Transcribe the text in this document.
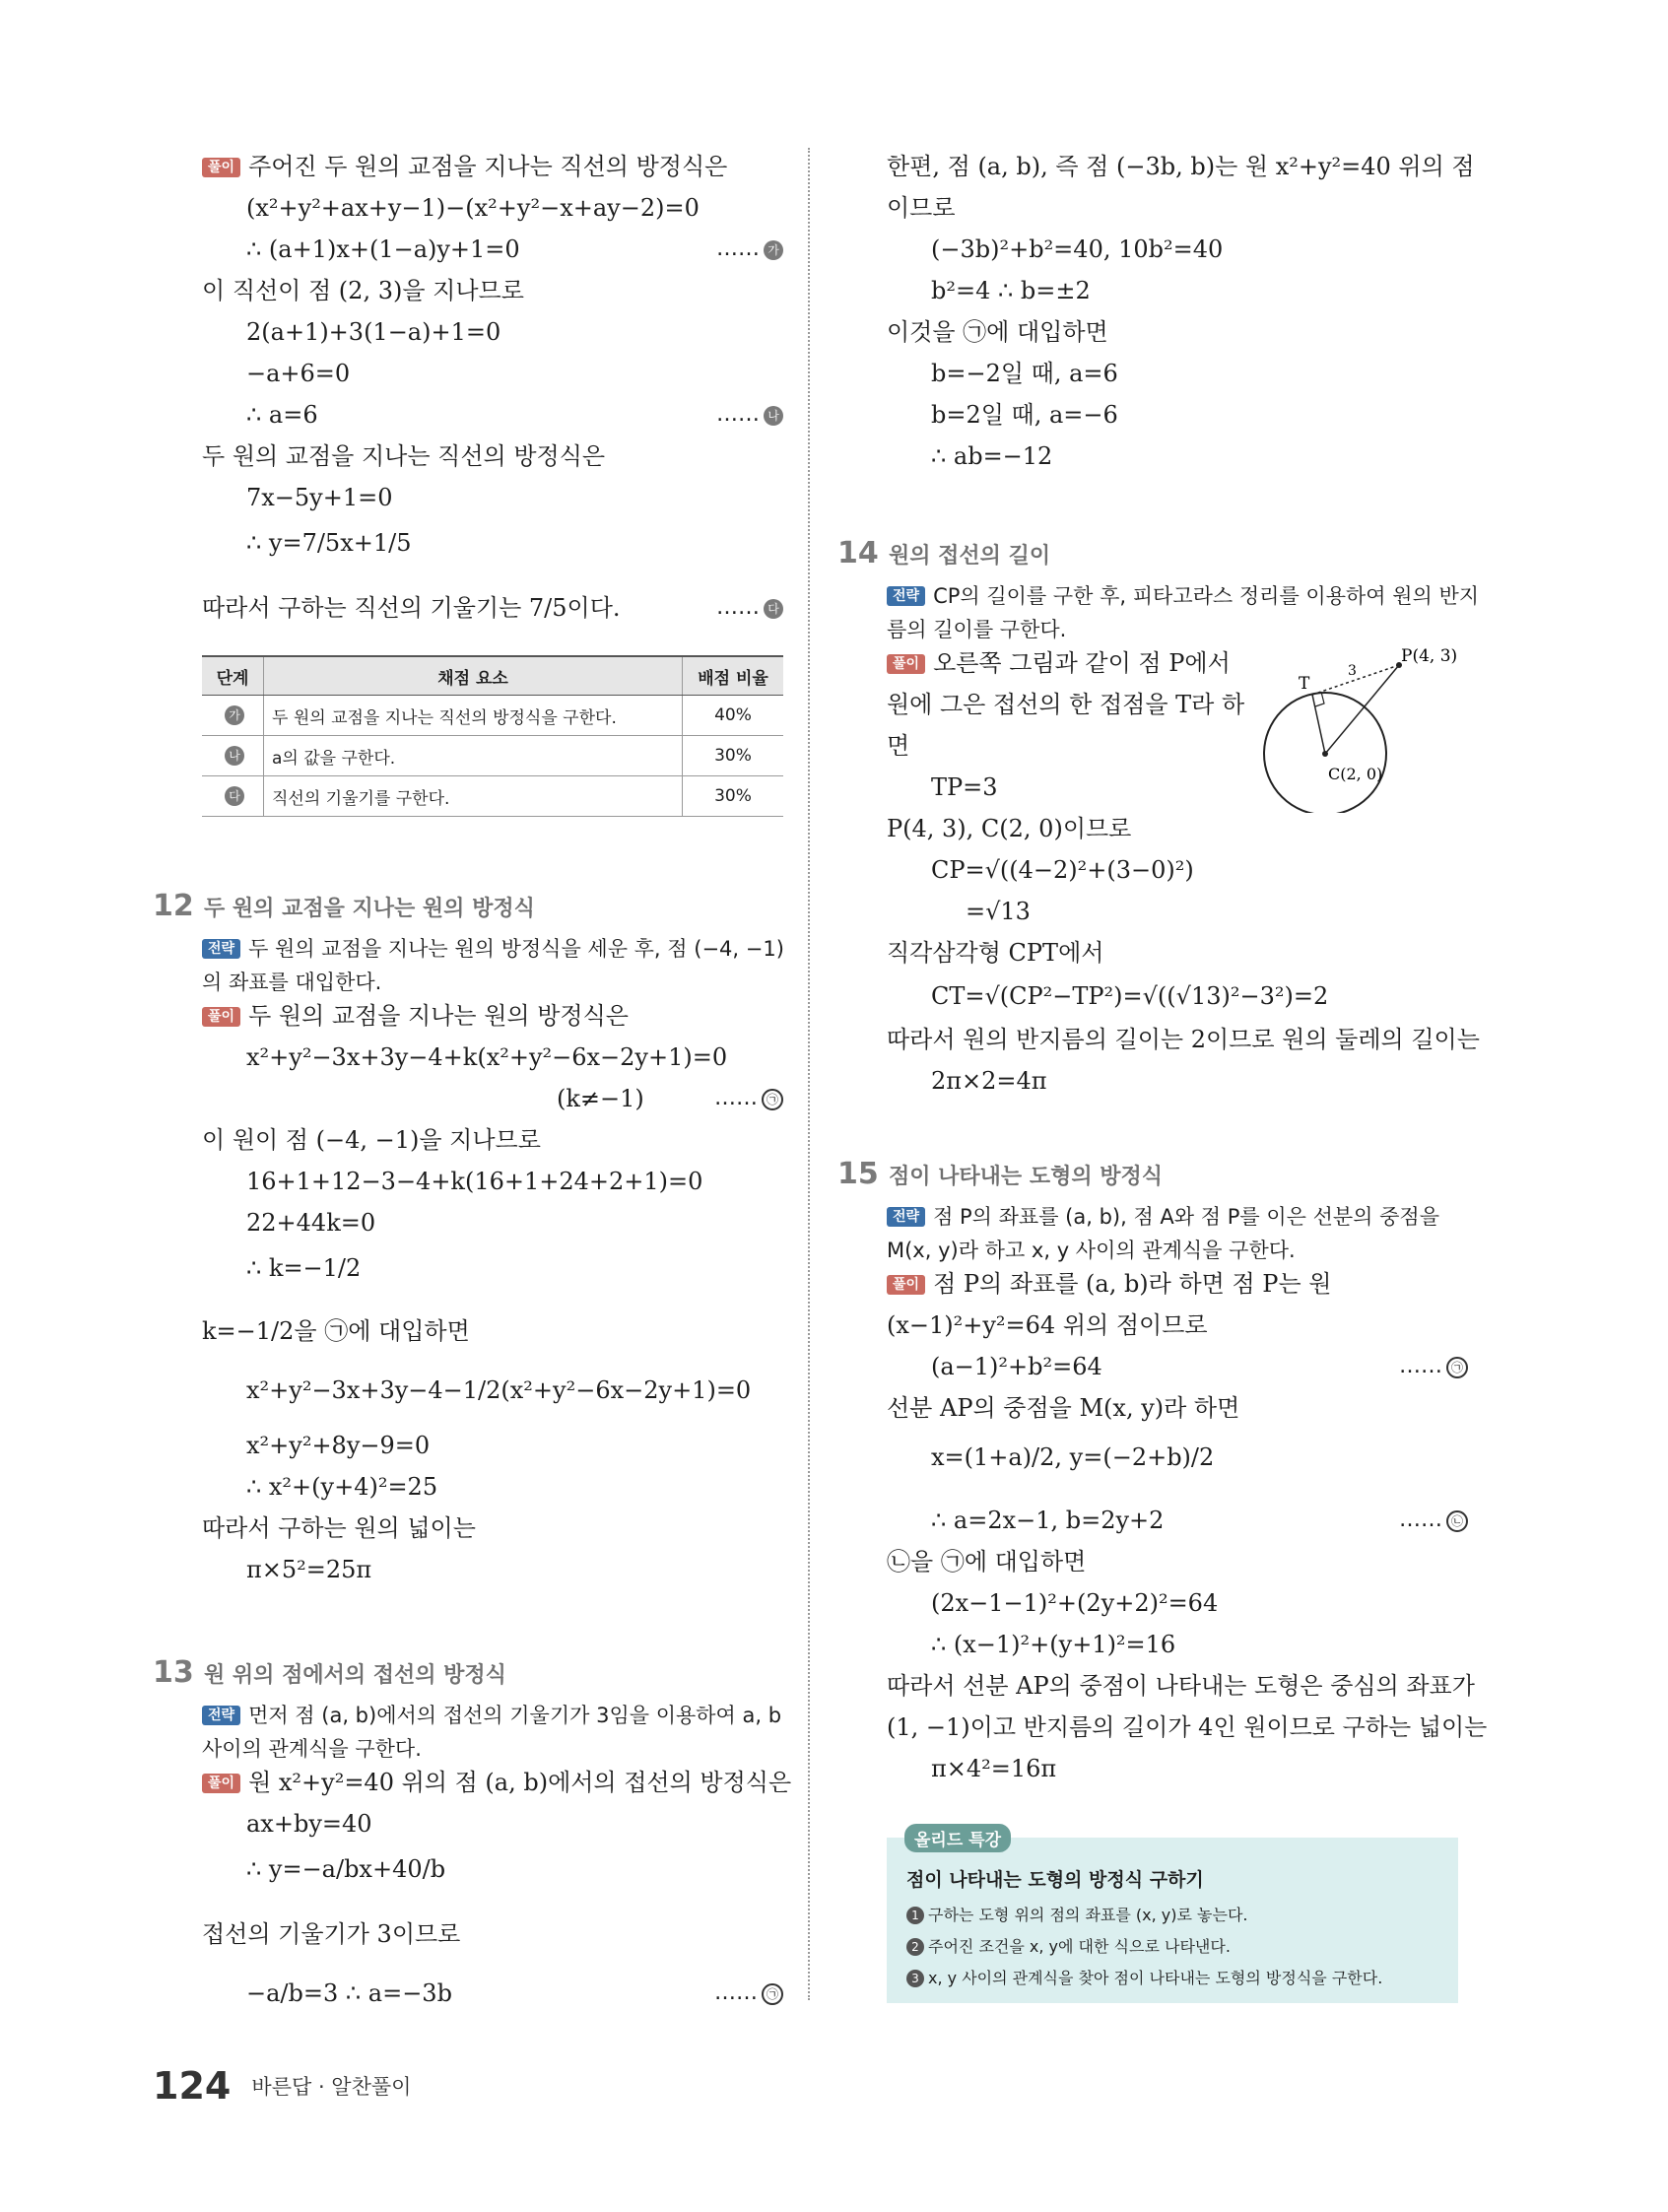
풀이 주어진 두 원의 교점을 지나는 직선의 방정식은
(x²+y²+ax+y−1)−(x²+y²−x+ay−2)=0
∴ (a+1)x+(1−a)y+1=0	…… 가
이 직선이 점 (2, 3)을 지나므로
2(a+1)+3(1−a)+1=0
−a+6=0
∴ a=6	…… 나
두 원의 교점을 지나는 직선의 방정식은
7x−5y+1=0
∴ y=7/5x+1/5
따라서 구하는 직선의 기울기는 7/5이다.	…… 다
단계	채점 요소	배점 비율
가	두 원의 교점을 지나는 직선의 방정식을 구한다.	40%
나	a의 값을 구한다.	30%
다	직선의 기울기를 구한다.	30%
12 두 원의 교점을 지나는 원의 방정식
전략 두 원의 교점을 지나는 원의 방정식을 세운 후, 점 (−4, −1)
의 좌표를 대입한다.
풀이 두 원의 교점을 지나는 원의 방정식은
x²+y²−3x+3y−4+k(x²+y²−6x−2y+1)=0
(k≠−1)	…… ㉠
이 원이 점 (−4, −1)을 지나므로
16+1+12−3−4+k(16+1+24+2+1)=0
22+44k=0
∴ k=−1/2
k=−1/2을 ㉠에 대입하면
x²+y²−3x+3y−4−1/2(x²+y²−6x−2y+1)=0
x²+y²+8y−9=0
∴ x²+(y+4)²=25
따라서 구하는 원의 넓이는
π×5²=25π
13 원 위의 점에서의 접선의 방정식
전략 먼저 점 (a, b)에서의 접선의 기울기가 3임을 이용하여 a, b
사이의 관계식을 구한다.
풀이 원 x²+y²=40 위의 점 (a, b)에서의 접선의 방정식은
ax+by=40
∴ y=−a/bx+40/b
접선의 기울기가 3이므로
−a/b=3 ∴ a=−3b	…… ㉠
한편, 점 (a, b), 즉 점 (−3b, b)는 원 x²+y²=40 위의 점
이므로
(−3b)²+b²=40, 10b²=40
b²=4 ∴ b=±2
이것을 ㉠에 대입하면
b=−2일 때, a=6
b=2일 때, a=−6
∴ ab=−12
14 원의 접선의 길이
전략 CP의 길이를 구한 후, 피타고라스 정리를 이용하여 원의 반지
름의 길이를 구한다.
풀이 오른쪽 그림과 같이 점 P에서
원에 그은 접선의 한 접점을 T라 하
면
TP=3
P(4, 3), C(2, 0)이므로
CP=√((4−2)²+(3−0)²)
=√13
직각삼각형 CPT에서
CT=√(CP²−TP²)=√((√13)²−3²)=2
따라서 원의 반지름의 길이는 2이므로 원의 둘레의 길이는
2π×2=4π
P(4, 3)
C(2, 0)
T
3
15 점이 나타내는 도형의 방정식
전략 점 P의 좌표를 (a, b), 점 A와 점 P를 이은 선분의 중점을
M(x, y)라 하고 x, y 사이의 관계식을 구한다.
풀이 점 P의 좌표를 (a, b)라 하면 점 P는 원
(x−1)²+y²=64 위의 점이므로
(a−1)²+b²=64	…… ㉠
선분 AP의 중점을 M(x, y)라 하면
x=(1+a)/2, y=(−2+b)/2
∴ a=2x−1, b=2y+2	…… ㉡
㉡을 ㉠에 대입하면
(2x−1−1)²+(2y+2)²=64
∴ (x−1)²+(y+1)²=16
따라서 선분 AP의 중점이 나타내는 도형은 중심의 좌표가
(1, −1)이고 반지름의 길이가 4인 원이므로 구하는 넓이는
π×4²=16π
올리드 특강
점이 나타내는 도형의 방정식 구하기
1 구하는 도형 위의 점의 좌표를 (x, y)로 놓는다.
2 주어진 조건을 x, y에 대한 식으로 나타낸다.
3 x, y 사이의 관계식을 찾아 점이 나타내는 도형의 방정식을 구한다.
124 바른답 · 알찬풀이
